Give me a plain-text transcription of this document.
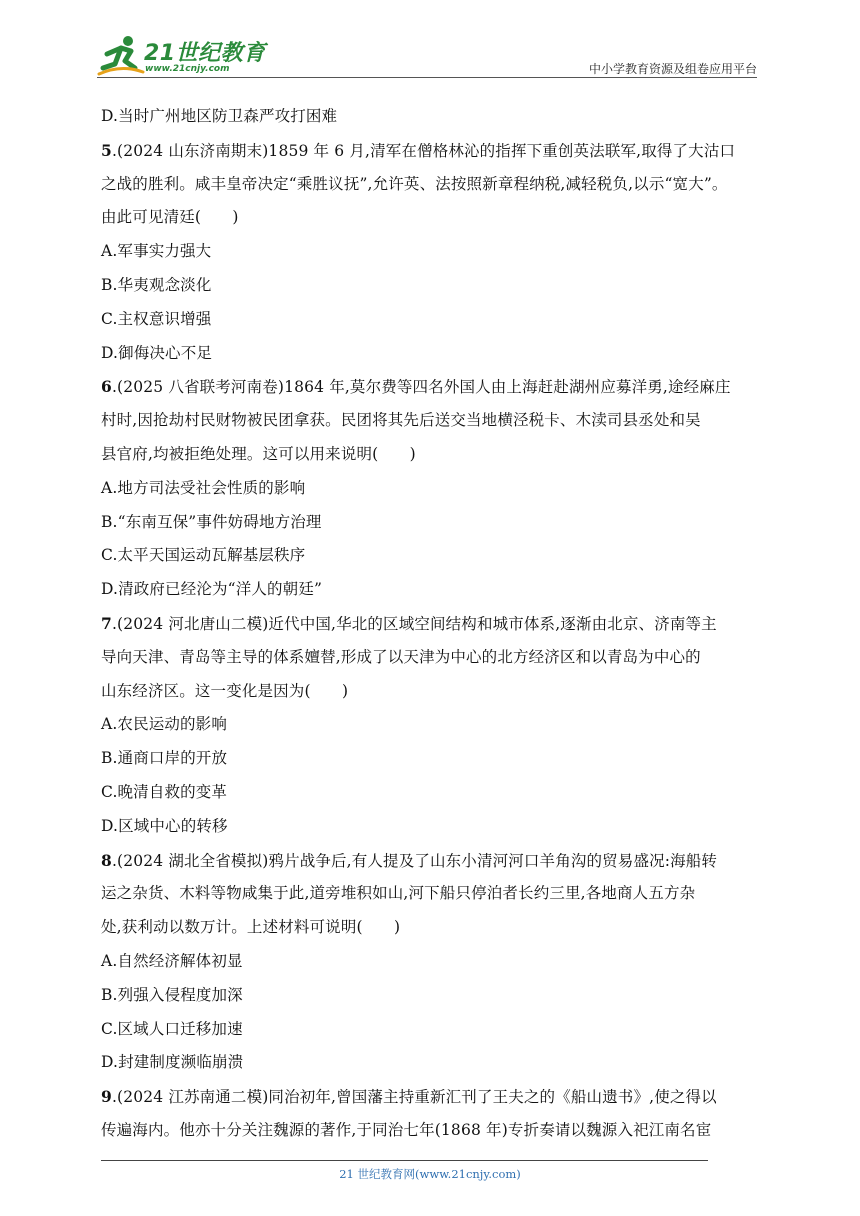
21世纪教育
www.21cnjy.com	中小学教育资源及组卷应用平台
D.当时广州地区防卫森严攻打困难
5.(2024 山东济南期末)1859 年 6 月,清军在僧格林沁的指挥下重创英法联军,取得了大沽口
之战的胜利。咸丰皇帝决定“乘胜议抚”,允许英、法按照新章程纳税,减轻税负,以示“宽大”。
由此可见清廷(　　)
A.军事实力强大
B.华夷观念淡化
C.主权意识增强
D.御侮决心不足
6.(2025 八省联考河南卷)1864 年,莫尔费等四名外国人由上海赶赴湖州应募洋勇,途经麻庄
村时,因抢劫村民财物被民团拿获。民团将其先后送交当地横泾税卡、木渎司县丞处和吴
县官府,均被拒绝处理。这可以用来说明(　　)
A.地方司法受社会性质的影响
B.“东南互保”事件妨碍地方治理
C.太平天国运动瓦解基层秩序
D.清政府已经沦为“洋人的朝廷”
7.(2024 河北唐山二模)近代中国,华北的区域空间结构和城市体系,逐渐由北京、济南等主
导向天津、青岛等主导的体系嬗替,形成了以天津为中心的北方经济区和以青岛为中心的
山东经济区。这一变化是因为(　　)
A.农民运动的影响
B.通商口岸的开放
C.晚清自救的变革
D.区域中心的转移
8.(2024 湖北全省模拟)鸦片战争后,有人提及了山东小清河河口羊角沟的贸易盛况:海船转
运之杂货、木料等物咸集于此,道旁堆积如山,河下船只停泊者长约三里,各地商人五方杂
处,获利动以数万计。上述材料可说明(　　)
A.自然经济解体初显
B.列强入侵程度加深
C.区域人口迁移加速
D.封建制度濒临崩溃
9.(2024 江苏南通二模)同治初年,曾国藩主持重新汇刊了王夫之的《船山遗书》,使之得以
传遍海内。他亦十分关注魏源的著作,于同治七年(1868 年)专折奏请以魏源入祀江南名宦
21 世纪教育网(www.21cnjy.com)
